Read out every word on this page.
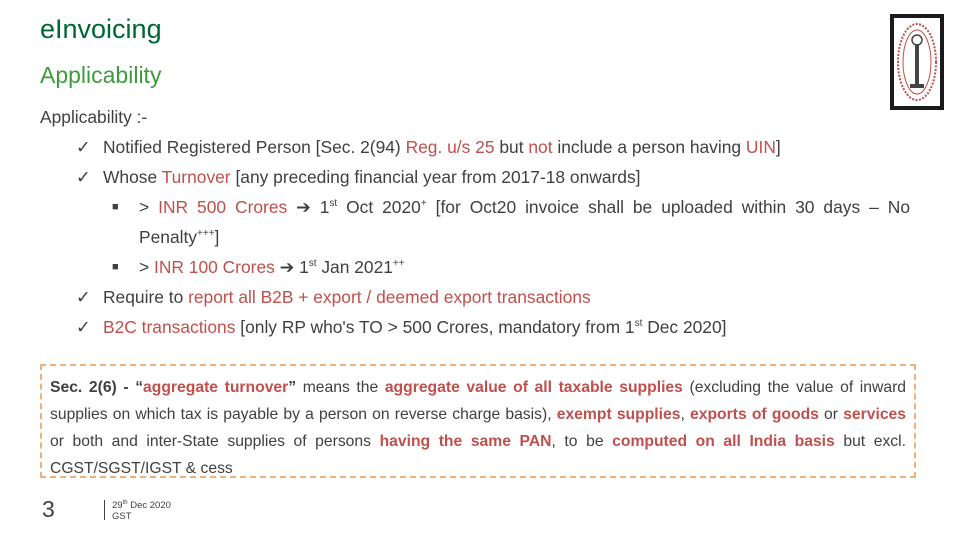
eInvoicing
Applicability
Applicability :-
✓ Notified Registered Person [Sec. 2(94) Reg. u/s 25 but not include a person having UIN]
✓ Whose Turnover [any preceding financial year from 2017-18 onwards]
■ > INR 500 Crores ➔ 1st Oct 2020+ [for Oct20 invoice shall be uploaded within 30 days – No Penalty+++]
■ > INR 100 Crores ➔ 1st Jan 2021++
✓ Require to report all B2B + export / deemed export transactions
✓ B2C transactions [only RP who's TO > 500 Crores, mandatory from 1st Dec 2020]
Sec. 2(6) - “aggregate turnover” means the aggregate value of all taxable supplies (excluding the value of inward supplies on which tax is payable by a person on reverse charge basis), exempt supplies, exports of goods or services or both and inter-State supplies of persons having the same PAN, to be computed on all India basis but excl. CGST/SGST/IGST & cess
3	29th Dec 2020
GST
